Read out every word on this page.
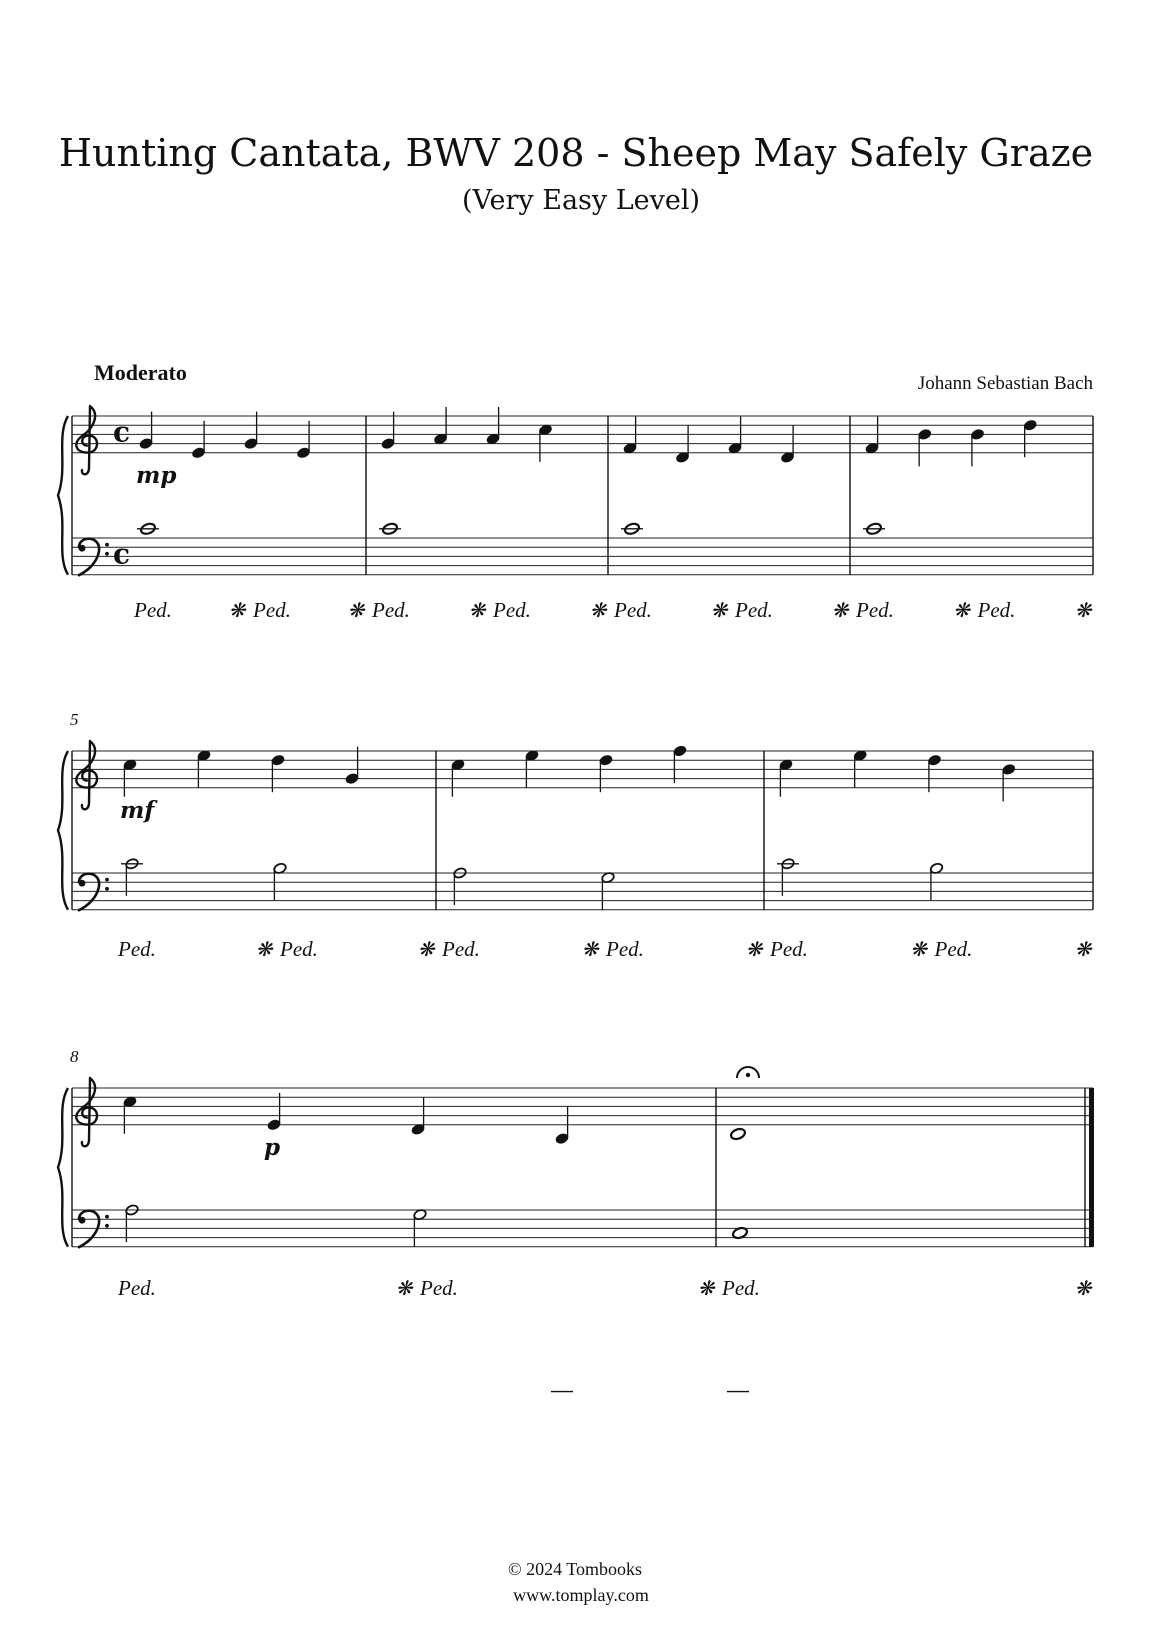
Hunting Cantata, BWV 208 - Sheep May Safely Graze
(Very Easy Level)
Moderato	Johann Sebastian Bach
c
c
Ped.	❋ Ped.	❋ Ped.	❋ Ped.	❋ Ped.	❋ Ped.	❋ Ped.	❋ Ped.	❋
mp
5
Ped.	❋ Ped.	❋ Ped.	❋ Ped.	❋ Ped.	❋ Ped.	❋
mf
8
Ped.	❋ Ped.	❋ Ped.	❋
p
© 2024 Tombooks
www.tomplay.com
